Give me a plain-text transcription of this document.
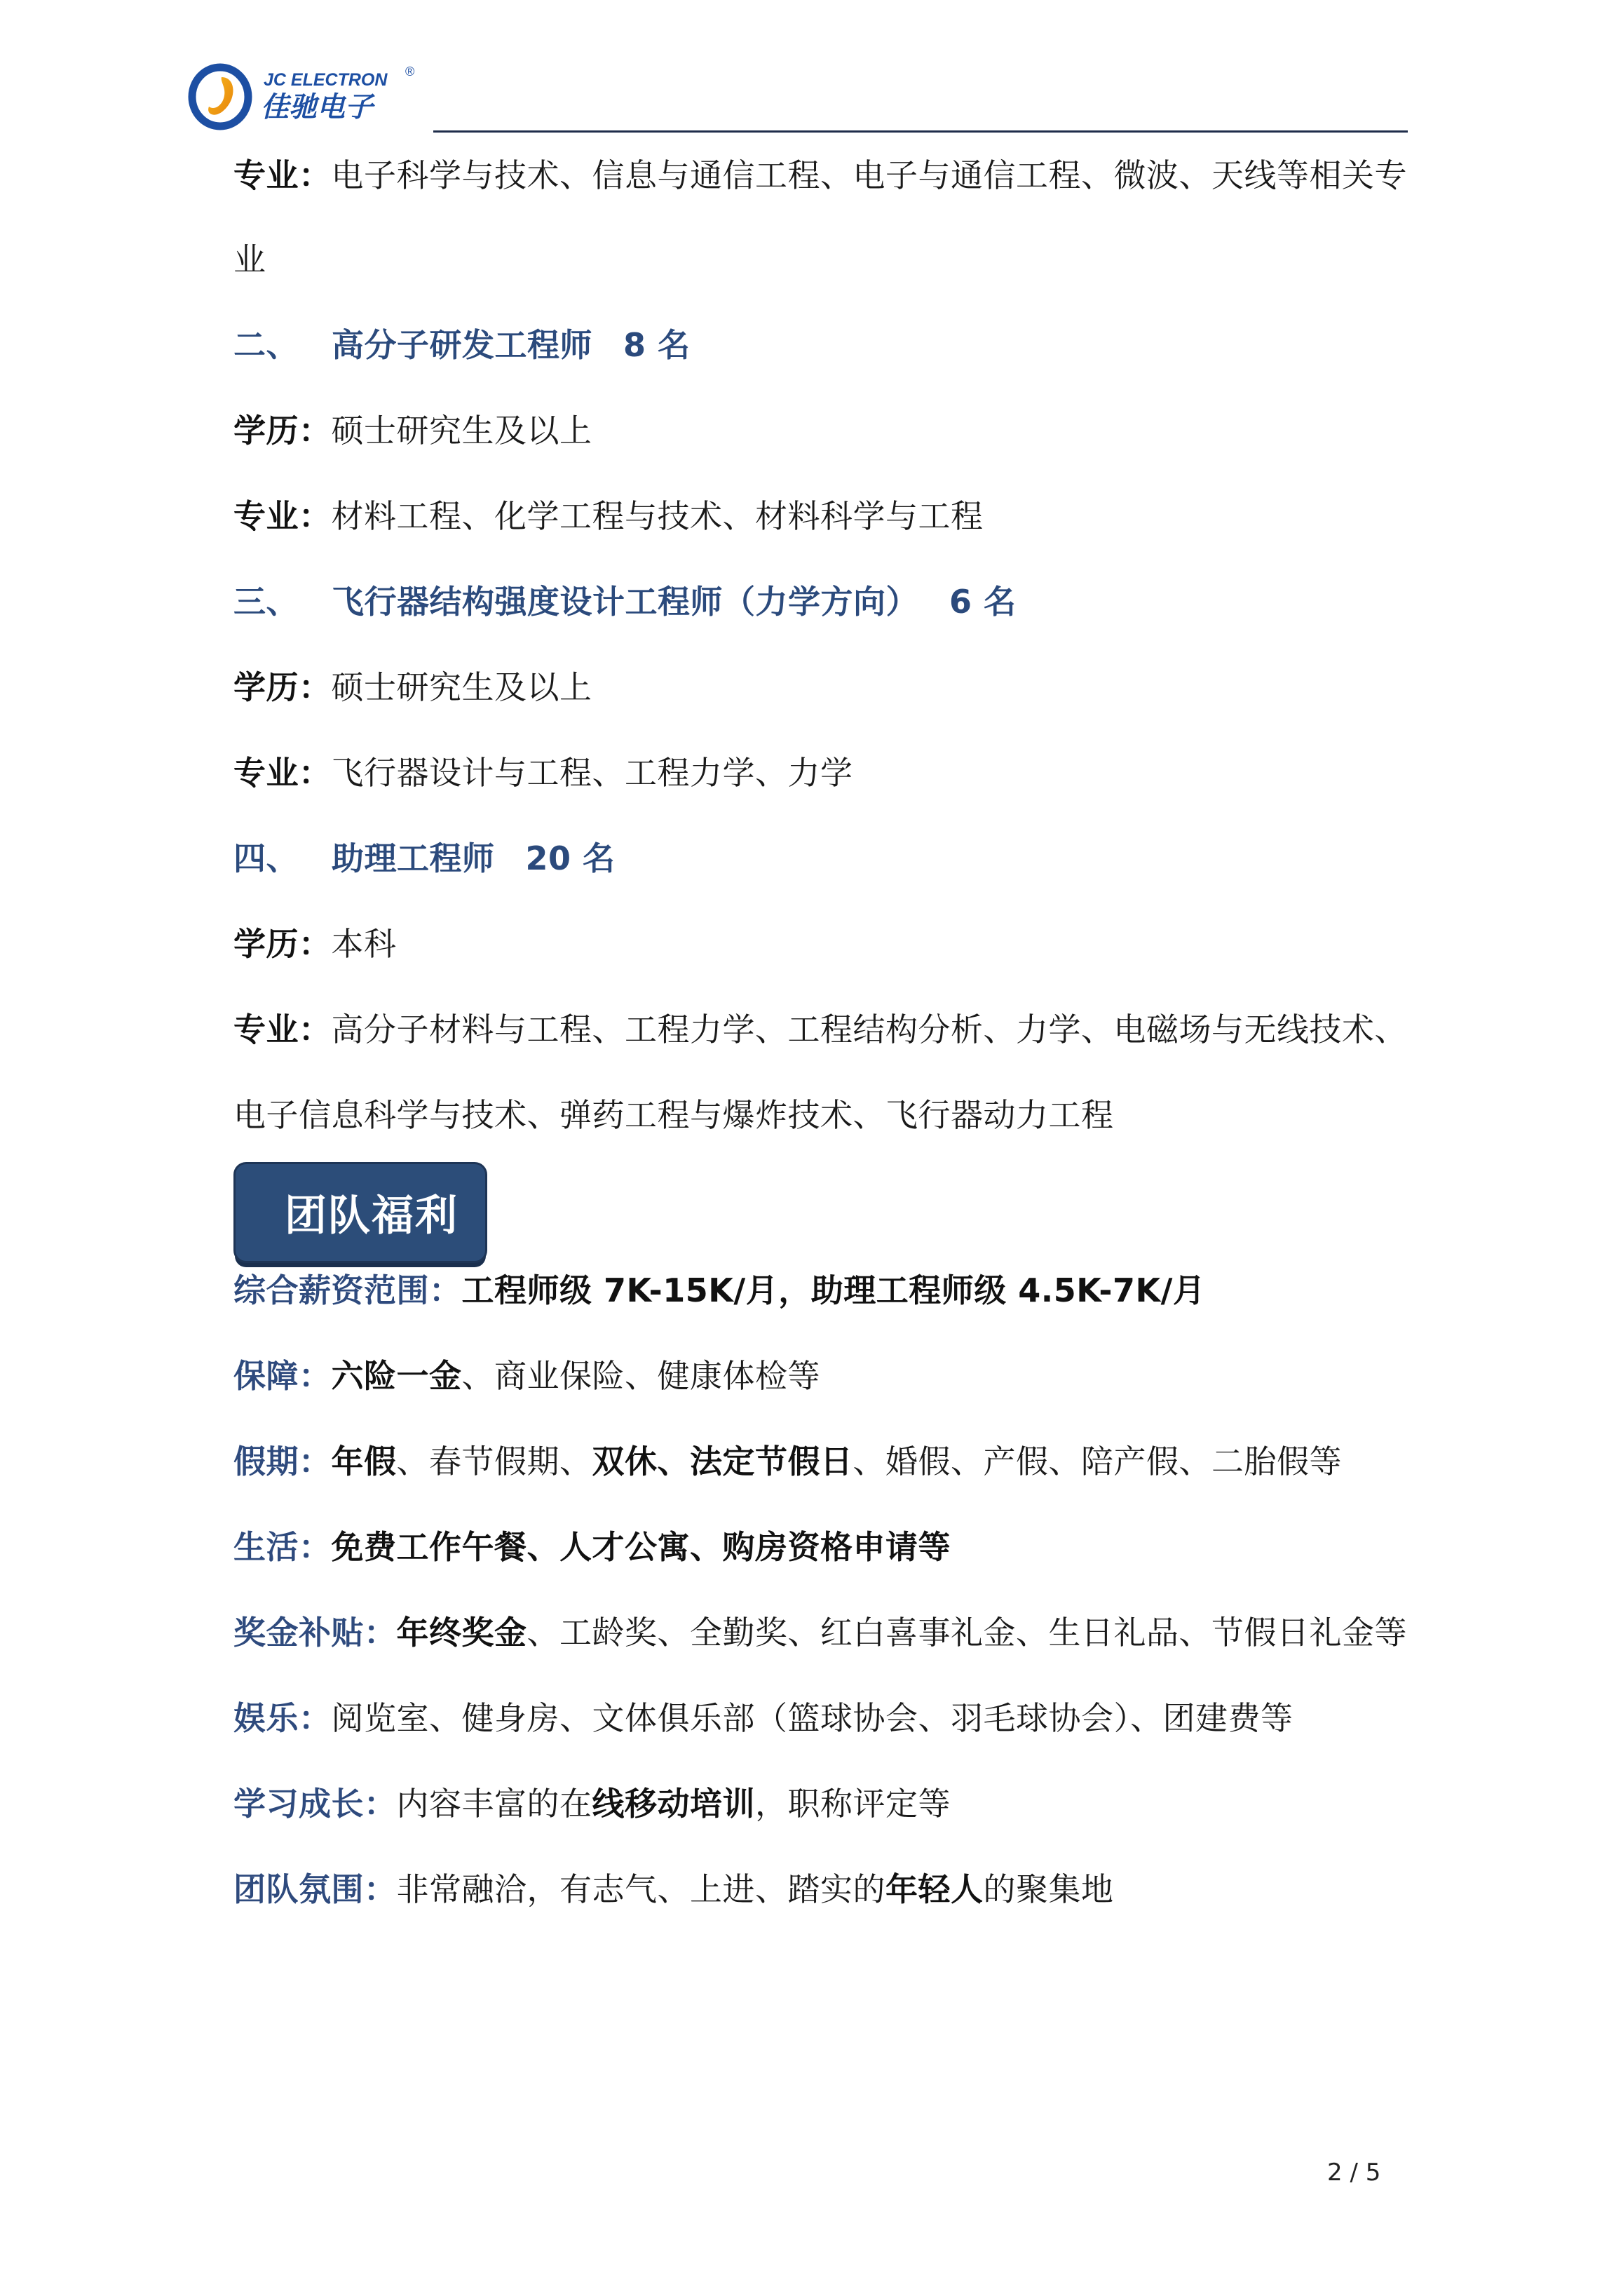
JC ELECTRON ®
佳驰电子
专业：电子科学与技术、信息与通信工程、电子与通信工程、微波、天线等相关专
业
二、 高分子研发工程师 8 名
学历：硕士研究生及以上
专业：材料工程、化学工程与技术、材料科学与工程
三、 飞行器结构强度设计工程师（力学方向） 6 名
学历：硕士研究生及以上
专业：飞行器设计与工程、工程力学、力学
四、 助理工程师 20 名
学历：本科
专业：高分子材料与工程、工程力学、工程结构分析、力学、电磁场与无线技术、
电子信息科学与技术、弹药工程与爆炸技术、飞行器动力工程
团队福利
综合薪资范围：工程师级 7K-15K/月，助理工程师级 4.5K-7K/月
保障：六险一金、商业保险、健康体检等
假期：年假、春节假期、双休、法定节假日、婚假、产假、陪产假、二胎假等
生活：免费工作午餐、人才公寓、购房资格申请等
奖金补贴：年终奖金、工龄奖、全勤奖、红白喜事礼金、生日礼品、节假日礼金等
娱乐：阅览室、健身房、文体俱乐部（篮球协会、羽毛球协会）、团建费等
学习成长：内容丰富的在线移动培训，职称评定等
团队氛围：非常融洽，有志气、上进、踏实的年轻人的聚集地
2 / 5
